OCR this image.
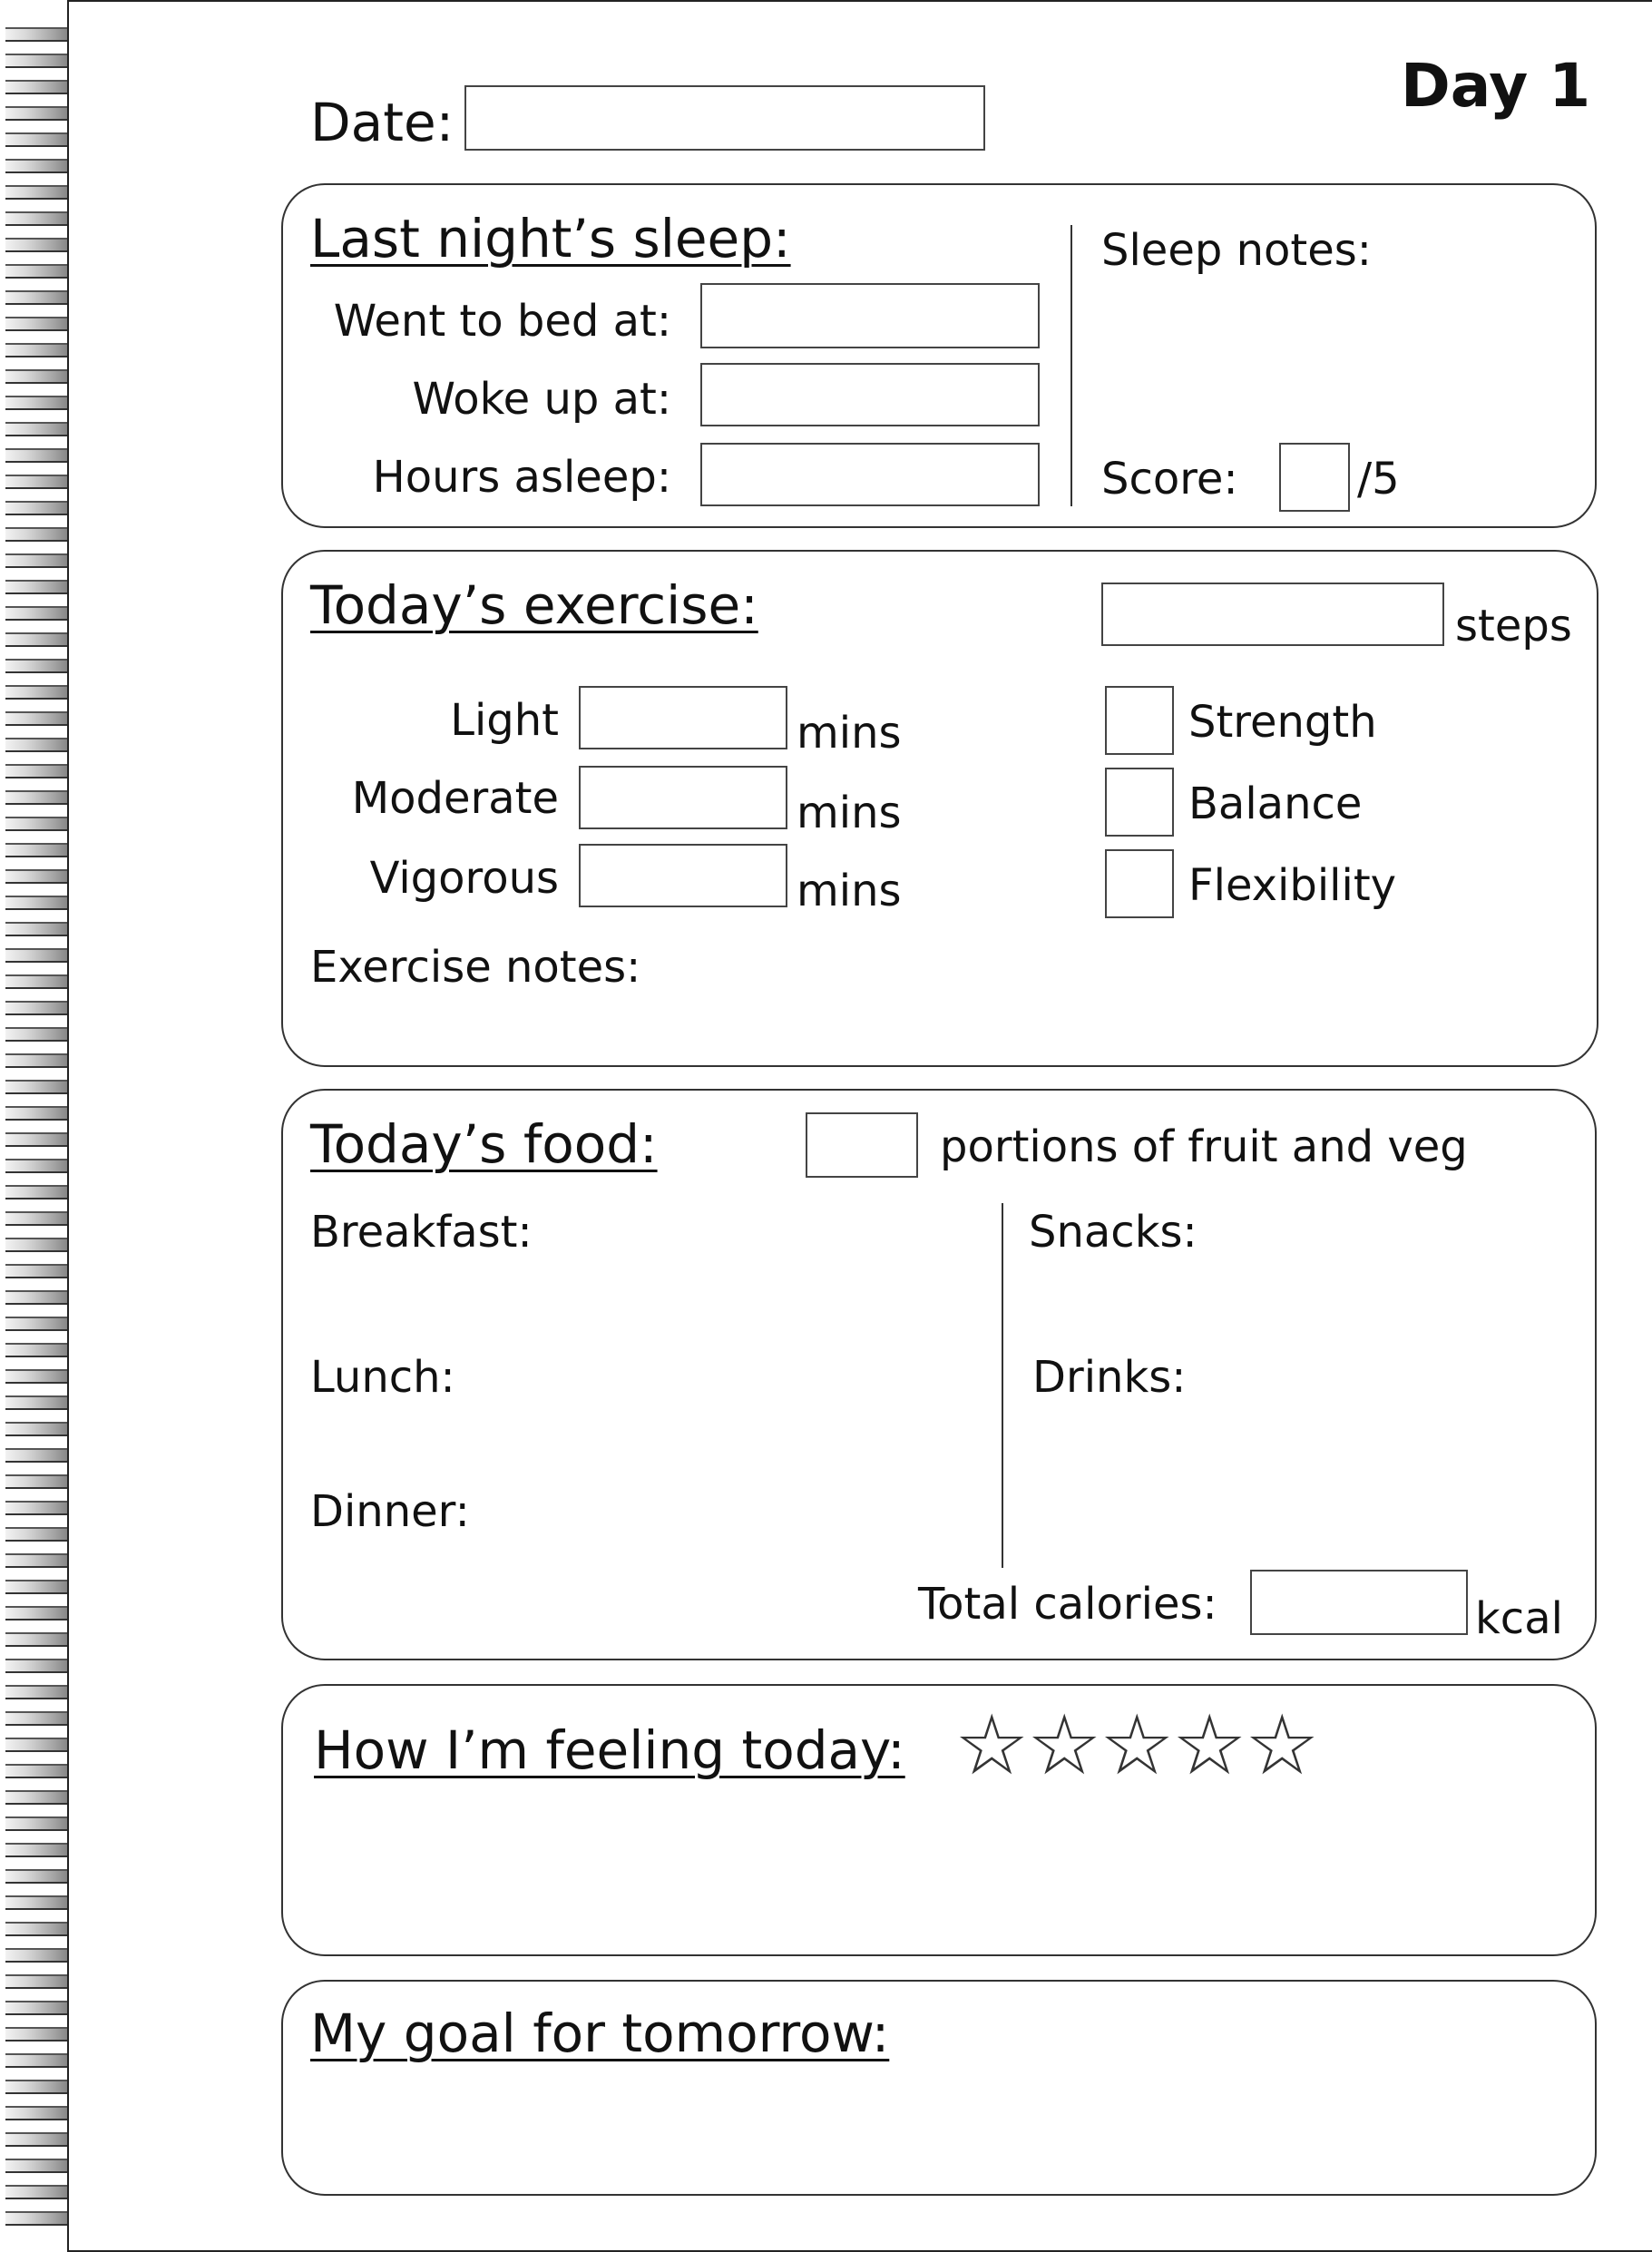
Date:
Day 1
Last night’s sleep:
Went to bed at:
Woke up at:
Hours asleep:
Sleep notes:
Score:	/5
Today’s exercise:	steps
Light	mins
Moderate	mins
Vigorous	mins
Strength
Balance
Flexibility
Exercise notes:
Today’s food:	portions of fruit and veg
Breakfast:
Lunch:
Dinner:
Snacks:
Drinks:
Total calories:	kcal
How I’m feeling today: ☆
☆
☆
☆
☆
My goal for tomorrow:
